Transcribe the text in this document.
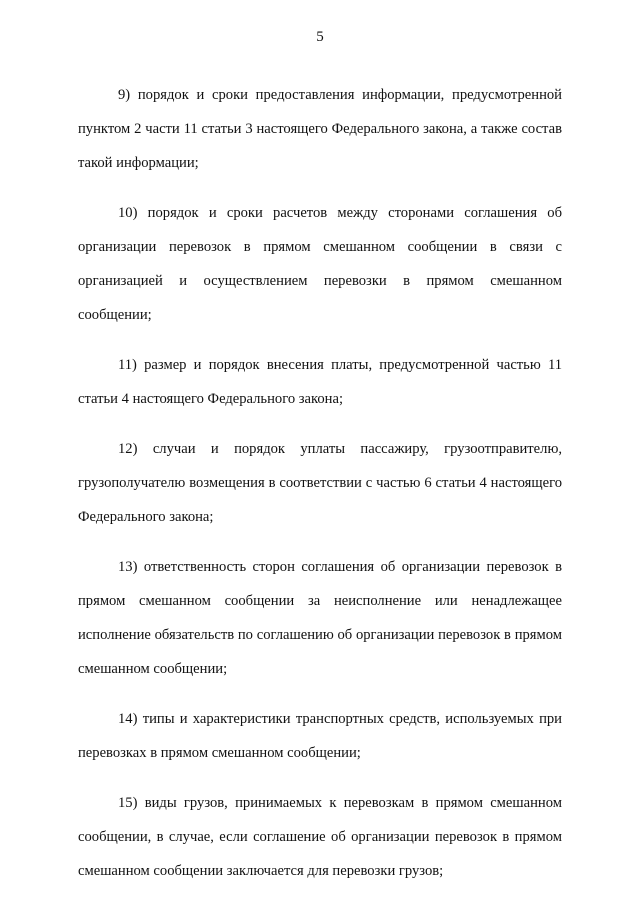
5

9) порядок и сроки предоставления информации, предусмотренной пунктом 2 части 11 статьи 3 настоящего Федерального закона, а также состав такой информации;

10) порядок и сроки расчетов между сторонами соглашения об организации перевозок в прямом смешанном сообщении в связи с организацией и осуществлением перевозки в прямом смешанном сообщении;

11) размер и порядок внесения платы, предусмотренной частью 11 статьи 4 настоящего Федерального закона;

12) случаи и порядок уплаты пассажиру, грузоотправителю, грузополучателю возмещения в соответствии с частью 6 статьи 4 настоящего Федерального закона;

13) ответственность сторон соглашения об организации перевозок в прямом смешанном сообщении за неисполнение или ненадлежащее исполнение обязательств по соглашению об организации перевозок в прямом смешанном сообщении;

14) типы и характеристики транспортных средств, используемых при перевозках в прямом смешанном сообщении;

15) виды грузов, принимаемых к перевозкам в прямом смешанном сообщении, в случае, если соглашение об организации перевозок в прямом смешанном сообщении заключается для перевозки грузов;
